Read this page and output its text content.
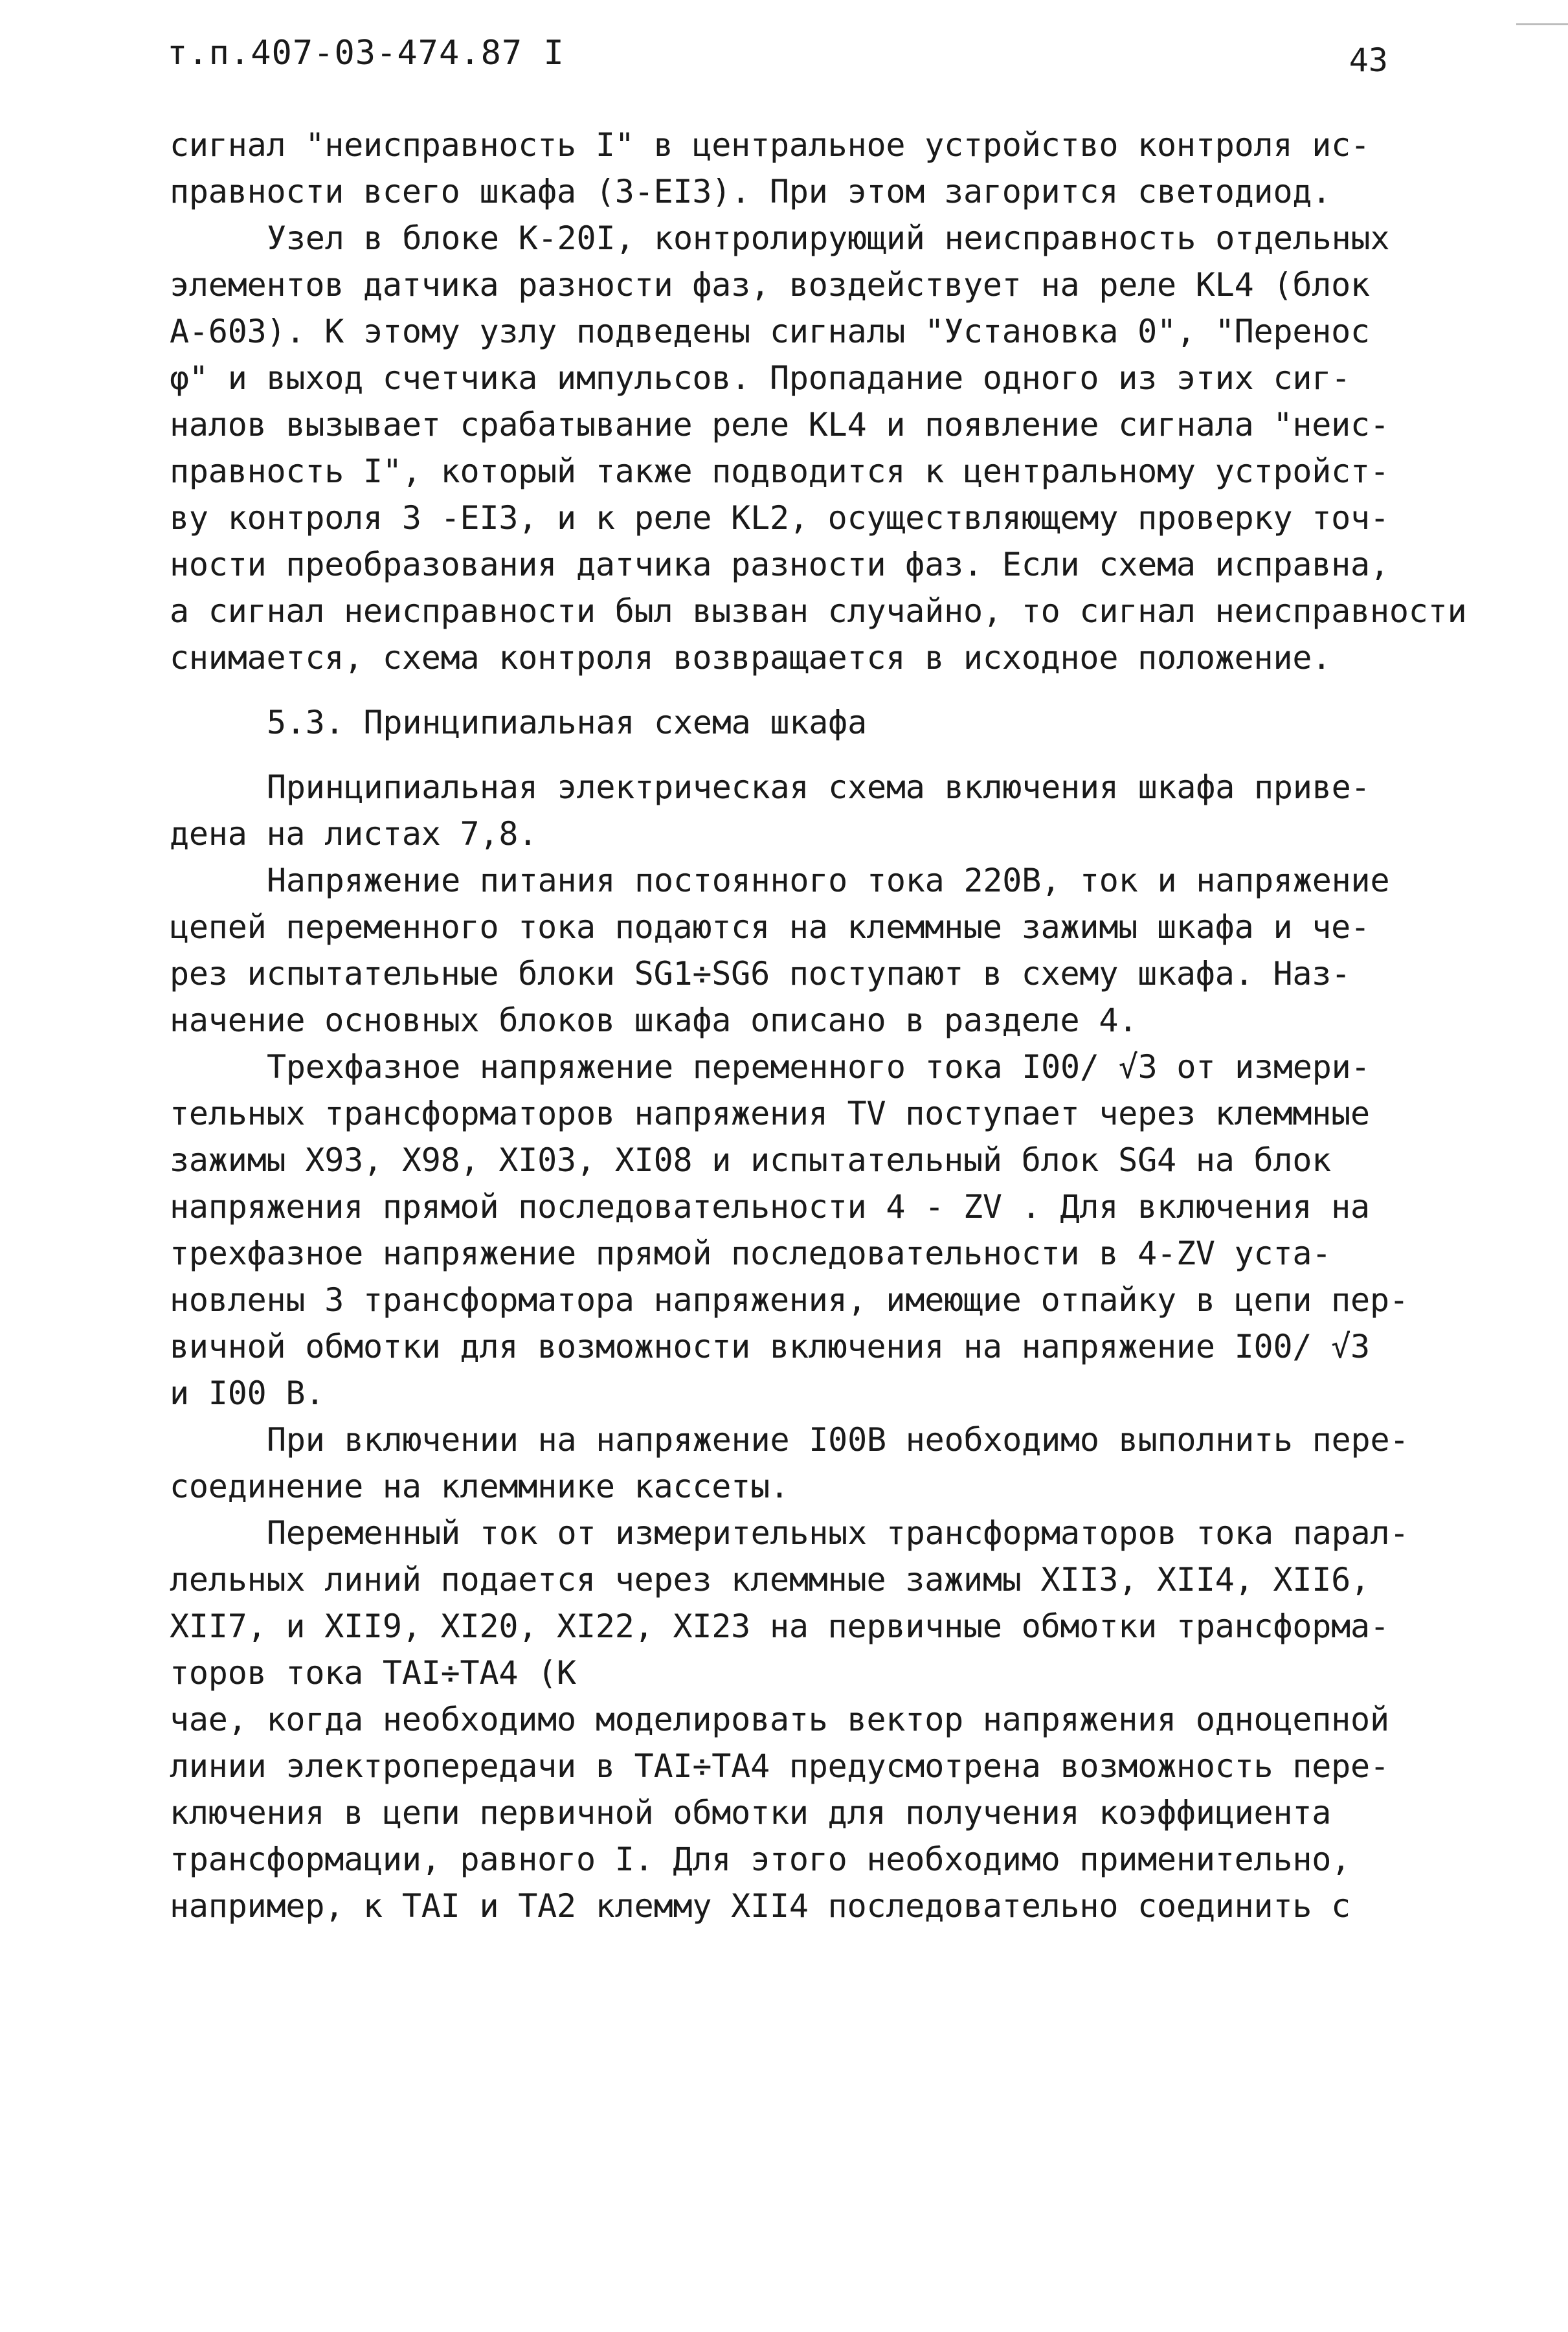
т.п.407-03-474.87 I	43
сигнал "неисправность I" в центральное устройство контроля ис-
правности всего шкафа (3-ЕI3). При этом загорится светодиод.
Узел в блоке К-20I, контролирующий неисправность отдельных
элементов датчика разности фаз, воздействует на реле КL4 (блок
А-603). К этому узлу подведены сигналы "Установка 0", "Перенос
φ" и выход счетчика импульсов. Пропадание одного из этих сиг-
налов вызывает срабатывание реле КL4 и появление сигнала "неис-
правность I", который также подводится к центральному устройст-
ву контроля 3 -ЕI3, и к реле КL2, осуществляющему проверку точ-
ности преобразования датчика разности фаз. Если схема исправна,
а сигнал неисправности был вызван случайно, то сигнал неисправности
снимается, схема контроля возвращается в исходное положение.
5.3. Принципиальная схема шкафа
Принципиальная электрическая схема включения шкафа приве-
дена на листах 7,8.
Напряжение питания постоянного тока 220В, ток и напряжение
цепей переменного тока подаются на клеммные зажимы шкафа и че-
рез испытательные блоки SG1÷SG6 поступают в схему шкафа. Наз-
начение основных блоков шкафа описано в разделе 4.
Трехфазное напряжение переменного тока I00/ √3 от измери-
тельных трансформаторов напряжения TV поступает через клеммные
зажимы Х93, Х98, ХI03, ХI08 и испытательный блок SG4 на блок
напряжения прямой последовательности 4 - ZV . Для включения на
трехфазное напряжение прямой последовательности в 4-ZV уста-
новлены 3 трансформатора напряжения, имеющие отпайку в цепи пер-
вичной обмотки для возможности включения на напряжение I00/ √3
и I00 В.
При включении на напряжение I00В необходимо выполнить пере-
соединение на клеммнике кассеты.
Переменный ток от измерительных трансформаторов тока парал-
лельных линий подается через клеммные зажимы ХII3, ХII4, ХII6,
ХII7, и ХII9, ХI20, ХI22, ХI23 на первичные обмотки трансформа-
торов тока ТАI÷ТА4 (К
чае, когда необходимо моделировать вектор напряжения одноцепной
линии электропередачи в ТАI÷ТА4 предусмотрена возможность пере-
ключения в цепи первичной обмотки для получения коэффициента
трансформации, равного I. Для этого необходимо применительно,
например, к ТАI и ТА2 клемму ХII4 последовательно соединить с
